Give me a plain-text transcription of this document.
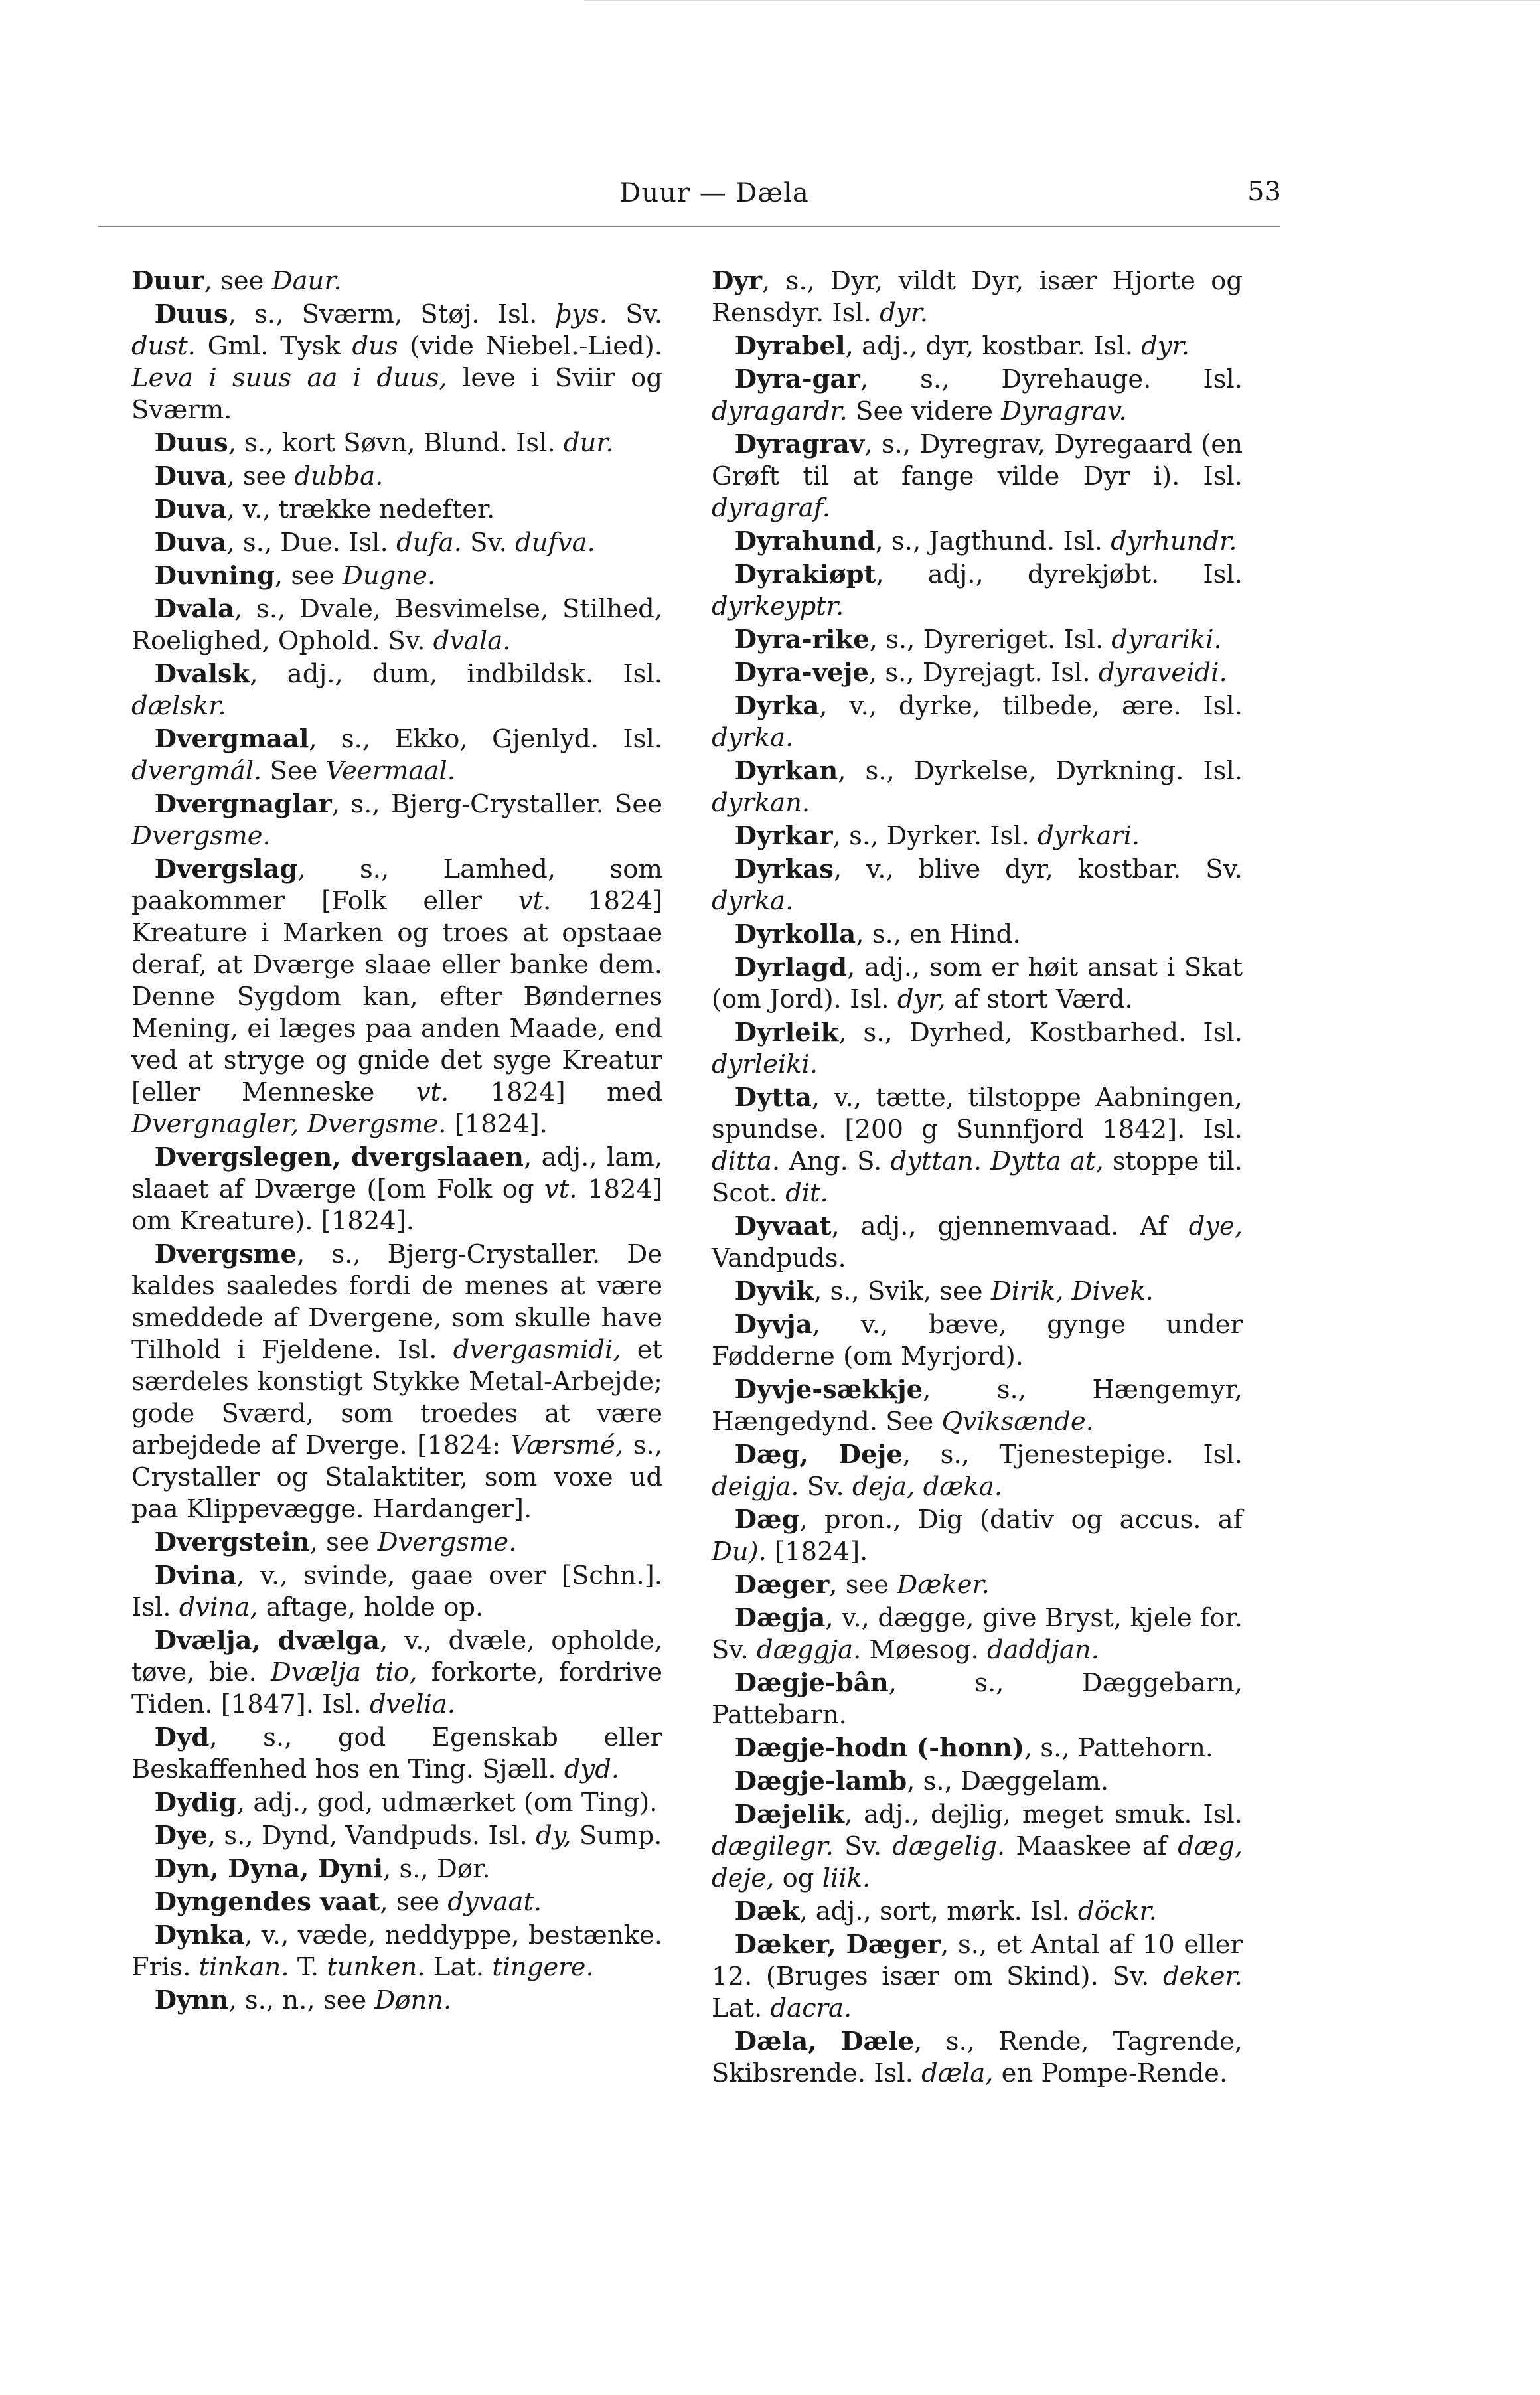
Duur — Dæla	53

Duur, see Daur.

Duus, s., Sværm, Støj. Isl. þys. Sv. dust. Gml. Tysk dus (vide Niebel.-Lied). Leva i suus aa i duus, leve i Sviir og Sværm.

Duus, s., kort Søvn, Blund. Isl. dur.

Duva, see dubba.

Duva, v., trække nedefter.

Duva, s., Due. Isl. dufa. Sv. dufva.

Duvning, see Dugne.

Dvala, s., Dvale, Besvimelse, Stilhed, Roelighed, Ophold. Sv. dvala.

Dvalsk, adj., dum, indbildsk. Isl. dælskr.

Dvergmaal, s., Ekko, Gjenlyd. Isl. dvergmál. See Veermaal.

Dvergnaglar, s., Bjerg-Crystaller. See Dvergsme.

Dvergslag, s., Lamhed, som paakommer [Folk eller vt. 1824] Kreature i Marken og troes at opstaae deraf, at Dværge slaae eller banke dem. Denne Sygdom kan, efter Bøndernes Mening, ei læges paa anden Maade, end ved at stryge og gnide det syge Kreatur [eller Menneske vt. 1824] med Dvergnagler, Dvergsme. [1824].

Dvergslegen, dvergslaaen, adj., lam, slaaet af Dværge ([om Folk og vt. 1824] om Kreature). [1824].

Dvergsme, s., Bjerg-Crystaller. De kaldes saaledes fordi de menes at være smeddede af Dvergene, som skulle have Tilhold i Fjeldene. Isl. dvergasmidi, et særdeles konstigt Stykke Metal-Arbejde; gode Sværd, som troedes at være arbejdede af Dverge. [1824: Værsmé, s., Crystaller og Stalaktiter, som voxe ud paa Klippevægge. Hardanger].

Dvergstein, see Dvergsme.

Dvina, v., svinde, gaae over [Schn.]. Isl. dvina, aftage, holde op.

Dvælja, dvælga, v., dvæle, opholde, tøve, bie. Dvælja tio, forkorte, fordrive Tiden. [1847]. Isl. dvelia.

Dyd, s., god Egenskab eller Beskaffenhed hos en Ting. Sjæll. dyd.

Dydig, adj., god, udmærket (om Ting).

Dye, s., Dynd, Vandpuds. Isl. dy, Sump.

Dyn, Dyna, Dyni, s., Dør.

Dyngendes vaat, see dyvaat.

Dynka, v., væde, neddyppe, bestænke. Fris. tinkan. T. tunken. Lat. tingere.

Dynn, s., n., see Dønn.

Dyr, s., Dyr, vildt Dyr, især Hjorte og Rensdyr. Isl. dyr.

Dyrabel, adj., dyr, kostbar. Isl. dyr.

Dyra-gar, s., Dyrehauge. Isl. dyragardr. See videre Dyragrav.

Dyragrav, s., Dyregrav, Dyregaard (en Grøft til at fange vilde Dyr i). Isl. dyragraf.

Dyrahund, s., Jagthund. Isl. dyrhundr.

Dyrakiøpt, adj., dyrekjøbt. Isl. dyrkeyptr.

Dyra-rike, s., Dyreriget. Isl. dyrariki.

Dyra-veje, s., Dyrejagt. Isl. dyraveidi.

Dyrka, v., dyrke, tilbede, ære. Isl. dyrka.

Dyrkan, s., Dyrkelse, Dyrkning. Isl. dyrkan.

Dyrkar, s., Dyrker. Isl. dyrkari.

Dyrkas, v., blive dyr, kostbar. Sv. dyrka.

Dyrkolla, s., en Hind.

Dyrlagd, adj., som er høit ansat i Skat (om Jord). Isl. dyr, af stort Værd.

Dyrleik, s., Dyrhed, Kostbarhed. Isl. dyrleiki.

Dytta, v., tætte, tilstoppe Aabningen, spundse. [200 g Sunnfjord 1842]. Isl. ditta. Ang. S. dyttan. Dytta at, stoppe til. Scot. dit.

Dyvaat, adj., gjennemvaad. Af dye, Vandpuds.

Dyvik, s., Svik, see Dirik, Divek.

Dyvja, v., bæve, gynge under Fødderne (om Myrjord).

Dyvje-sækkje, s., Hængemyr, Hængedynd. See Qviksænde.

Dæg, Deje, s., Tjenestepige. Isl. deigja. Sv. deja, dæka.

Dæg, pron., Dig (dativ og accus. af Du). [1824].

Dæger, see Dæker.

Dægja, v., dægge, give Bryst, kjele for. Sv. dæggja. Møesog. daddjan.

Dægje-bân, s., Dæggebarn, Pattebarn.

Dægje-hodn (-honn), s., Pattehorn.

Dægje-lamb, s., Dæggelam.

Dæjelik, adj., dejlig, meget smuk. Isl. dægilegr. Sv. dægelig. Maaskee af dæg, deje, og liik.

Dæk, adj., sort, mørk. Isl. döckr.

Dæker, Dæger, s., et Antal af 10 eller 12. (Bruges især om Skind). Sv. deker. Lat. dacra.

Dæla, Dæle, s., Rende, Tagrende, Skibsrende. Isl. dæla, en Pompe-Rende.
